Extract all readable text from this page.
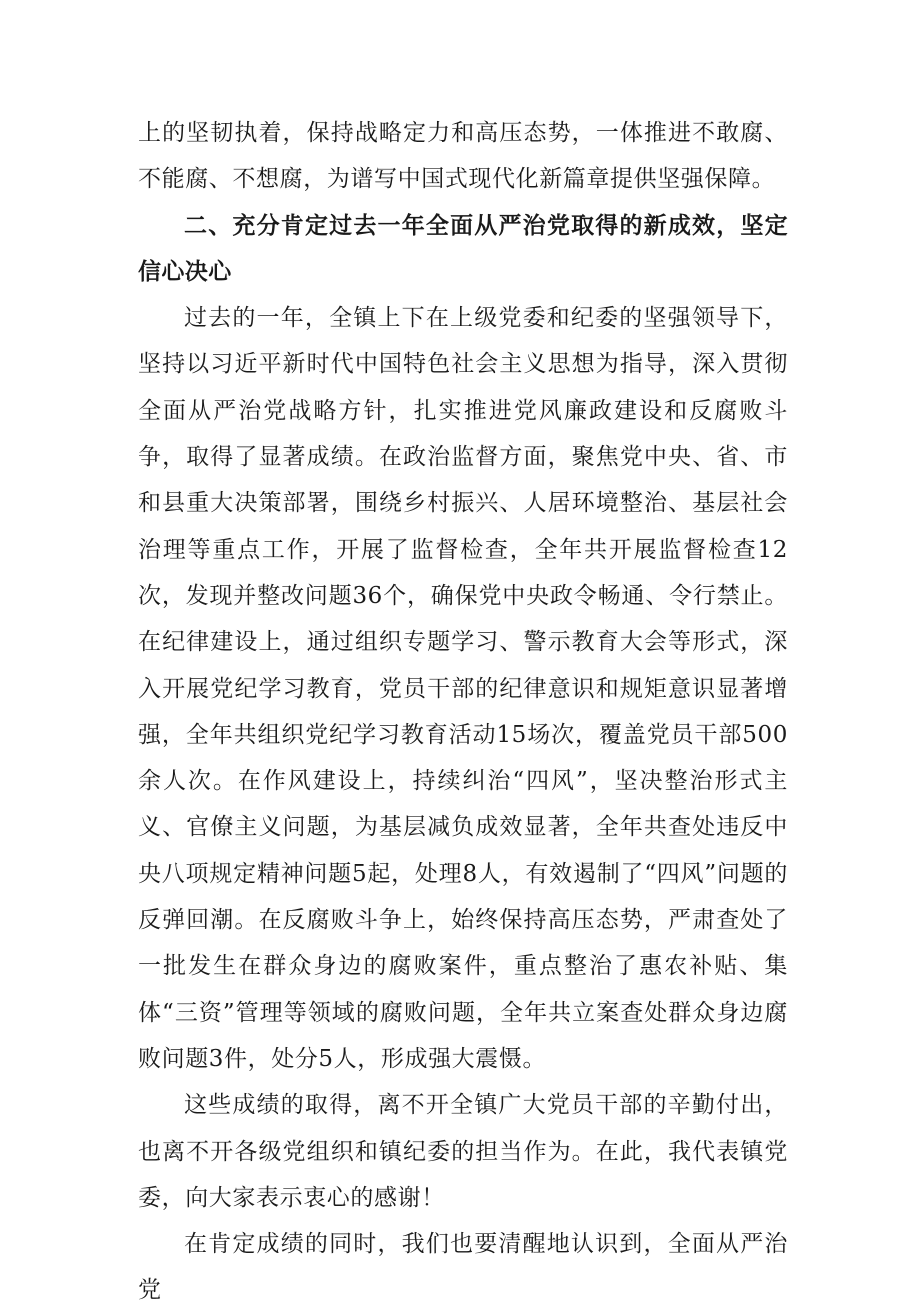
上的坚韧执着，保持战略定力和高压态势，一体推进不敢腐、不能腐、不想腐，为谱写中国式现代化新篇章提供坚强保障。

二、充分肯定过去一年全面从严治党取得的新成效，坚定信心决心

过去的一年，全镇上下在上级党委和纪委的坚强领导下，坚持以习近平新时代中国特色社会主义思想为指导，深入贯彻全面从严治党战略方针，扎实推进党风廉政建设和反腐败斗争，取得了显著成绩。在政治监督方面，聚焦党中央、省、市和县重大决策部署，围绕乡村振兴、人居环境整治、基层社会治理等重点工作，开展了监督检查，全年共开展监督检查12次，发现并整改问题36个，确保党中央政令畅通、令行禁止。在纪律建设上，通过组织专题学习、警示教育大会等形式，深入开展党纪学习教育，党员干部的纪律意识和规矩意识显著增强，全年共组织党纪学习教育活动15场次，覆盖党员干部500余人次。在作风建设上，持续纠治“四风”，坚决整治形式主义、官僚主义问题，为基层减负成效显著，全年共查处违反中央八项规定精神问题5起，处理8人，有效遏制了“四风”问题的反弹回潮。在反腐败斗争上，始终保持高压态势，严肃查处了一批发生在群众身边的腐败案件，重点整治了惠农补贴、集体“三资”管理等领域的腐败问题，全年共立案查处群众身边腐败问题3件，处分5人，形成强大震慑。

这些成绩的取得，离不开全镇广大党员干部的辛勤付出，也离不开各级党组织和镇纪委的担当作为。在此，我代表镇党委，向大家表示衷心的感谢！

在肯定成绩的同时，我们也要清醒地认识到，全面从严治党
